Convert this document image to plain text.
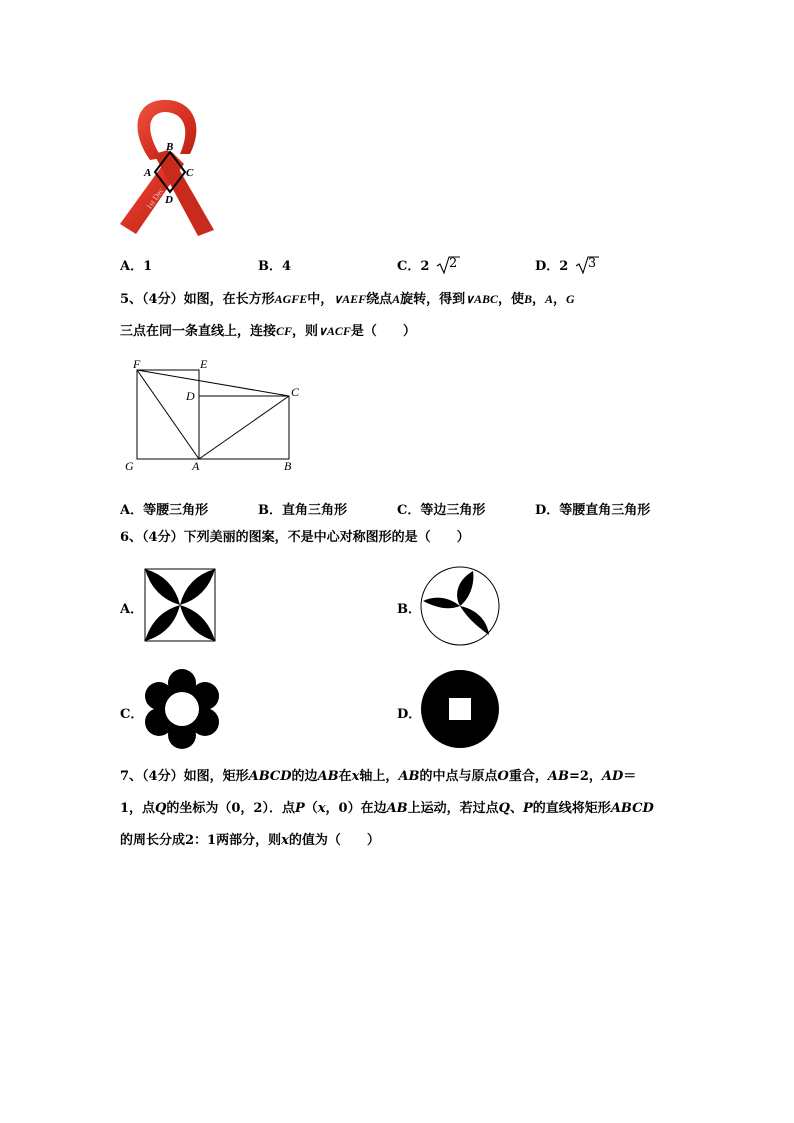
1st Dec
B
A	C
D
A．1	B．4	C．2 2	D．2 3
5、（4分）如图，在长方形AGFE中，∨AEF绕点A旋转，得到∨ABC，使B，A，G
三点在同一条直线上，连接CF，则∨ACF是（　　）
F	E
D	C
G	A	B
A．等腰三角形	B．直角三角形	C．等边三角形	D．等腰直角三角形
6、（4分）下列美丽的图案，不是中心对称图形的是（　　）
A．	B．
C．	D．
7、（4分）如图，矩形ABCD的边AB在x轴上，AB的中点与原点O重合，AB=2，AD＝
1，点Q的坐标为（0，2）．点P（x，0）在边AB上运动，若过点Q、P的直线将矩形ABCD
的周长分成2：1两部分，则x的值为（　　）
